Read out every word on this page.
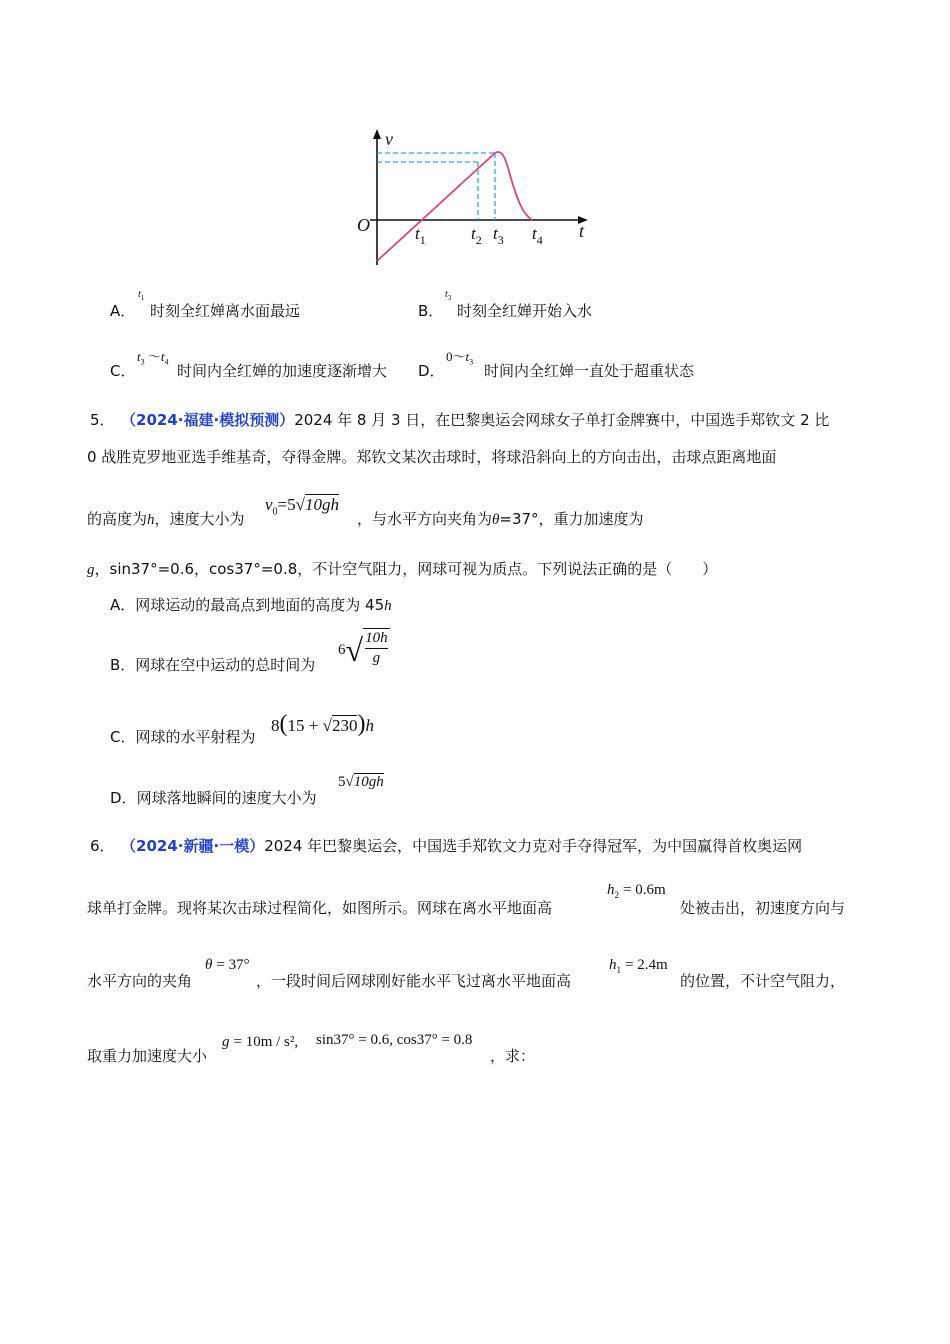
v
O	t
$t_1$	$t_2$ $t_3$ $t_4$
A．
$t_1$
时刻全红婵离水面最远	B．
$t_3$
时刻全红婵开始入水
C．
$t_3$ $\sim t_4$ 时间内全红婵的加速度逐渐增大 D．
$0\sim t_3$ 时间内全红婵一直处于超重状态
5． （2024·福建·模拟预测）2024 年 8 月 3 日，在巴黎奥运会网球女子单打金牌赛中，中国选手郑钦文 2 比
0 战胜克罗地亚选手维基奇，夺得金牌。郑钦文某次击球时，将球沿斜向上的方向击出，击球点距离地面
的高度为h，速度大小为
$v_0=5√10gh$
，与水平方向夹角为θ=37°，重力加速度为
g，sin37°=0.6，cos37°=0.8，不计空气阻力，网球可视为质点。下列说法正确的是（　　）
A．网球运动的最高点到地面的高度为 45h
B．网球在空中运动的总时间为
$6√ \frac{10h}{g}$
C．网球的水平射程为
8(15 + √230)h
D．网球落地瞬间的速度大小为
5√10gh
6． （2024·新疆·一模）2024 年巴黎奥运会，中国选手郑钦文力克对手夺得冠军，为中国赢得首枚奥运网
球单打金牌。现将某次击球过程简化，如图所示。网球在离水平地面高
$h_2 = 0.6m$
处被击出，初速度方向与
水平方向的夹角
θ = 37°
，一段时间后网球刚好能水平飞过离水平地面高
$h_1 = 2.4m$
的位置，不计空气阻力，
取重力加速度大小
g = 10m / s², sin37° = 0.6, cos37° = 0.8
，求：
